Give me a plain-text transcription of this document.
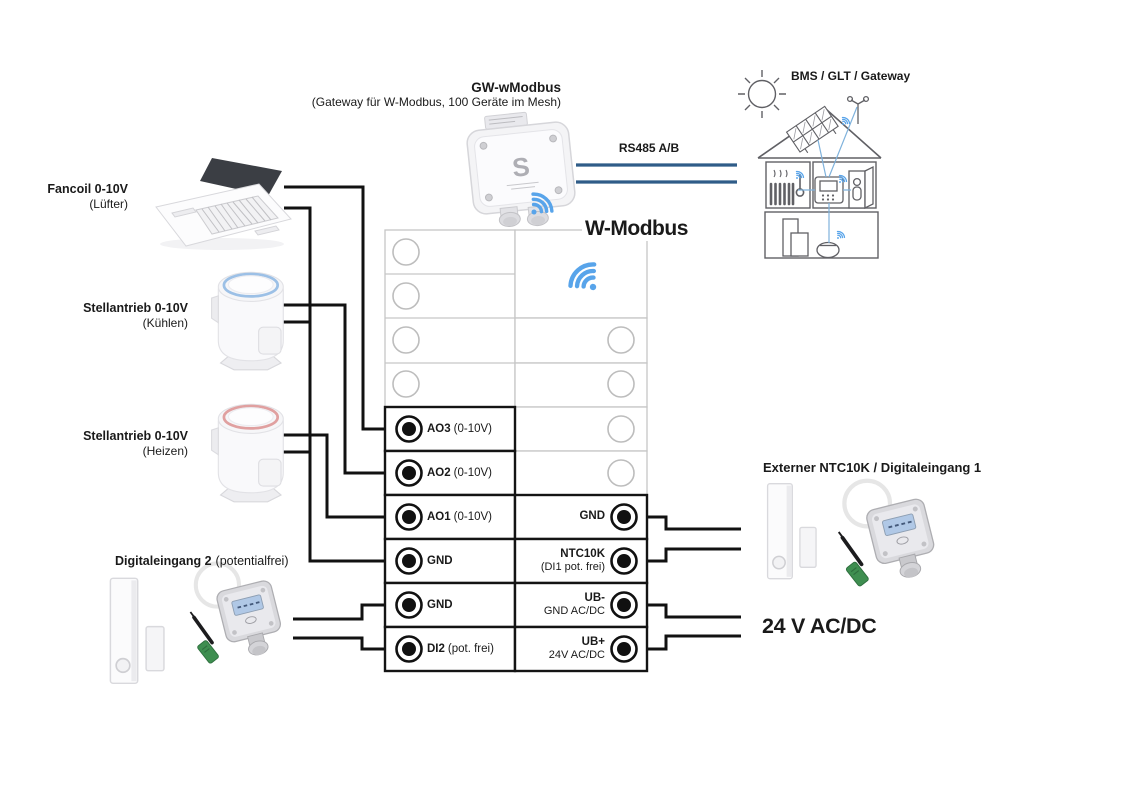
S
GW-wModbus
(Gateway für W-Modbus, 100 Geräte im Mesh)
RS485 A/B
BMS / GLT / Gateway
W-Modbus
Fancoil 0-10V
(Lüfter)
Stellantrieb 0-10V
(Kühlen)
Stellantrieb 0-10V
(Heizen)
Digitaleingang 2 (potentialfrei)
Externer NTC10K / Digitaleingang 1
24 V AC/DC
AO3 (0-10V)
AO2 (0-10V)
AO1 (0-10V)
GND
GND
DI2 (pot. frei)
GND
NTC10K
(DI1 pot. frei)
UB-
GND AC/DC
UB+
24V AC/DC
